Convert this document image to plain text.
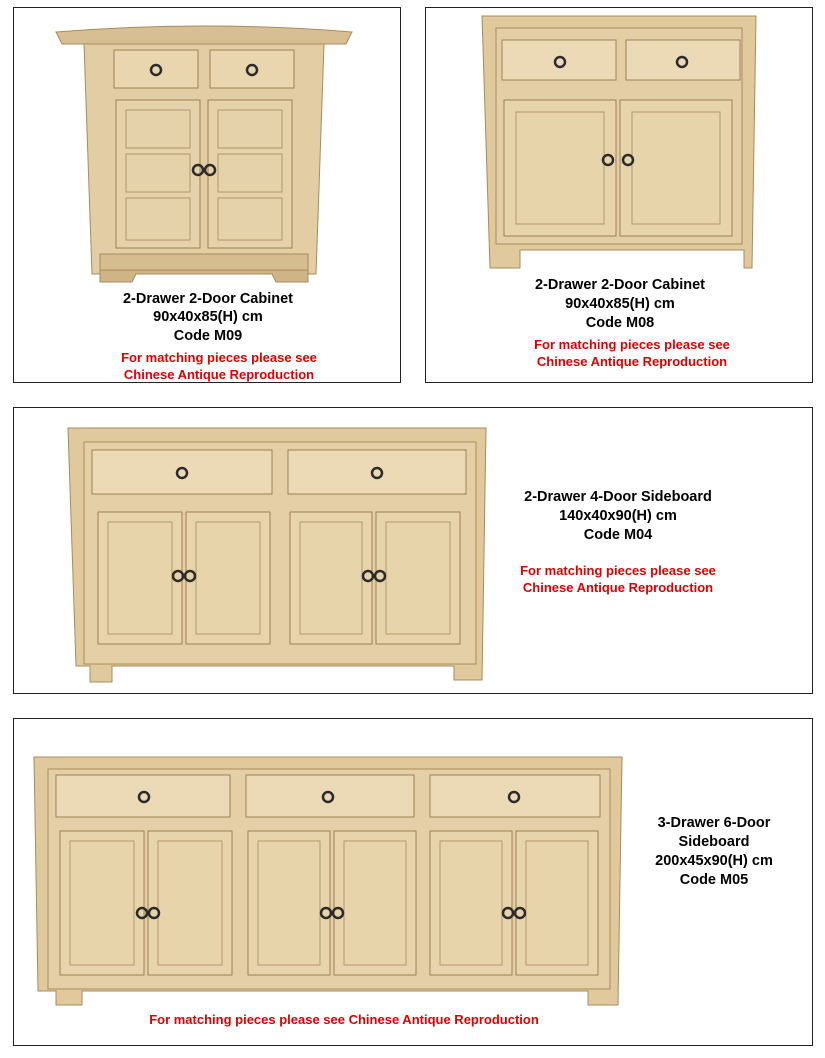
2-Drawer 2-Door Cabinet
90x40x85(H) cm
Code M09
For matching pieces please see
Chinese Antique Reproduction
2-Drawer 2-Door Cabinet
90x40x85(H) cm
Code M08
For matching pieces please see
Chinese Antique Reproduction
2-Drawer 4-Door Sideboard
140x40x90(H) cm
Code M04
For matching pieces please see
Chinese Antique Reproduction
3-Drawer 6-Door
Sideboard
200x45x90(H) cm
Code M05
For matching pieces please see Chinese Antique Reproduction
